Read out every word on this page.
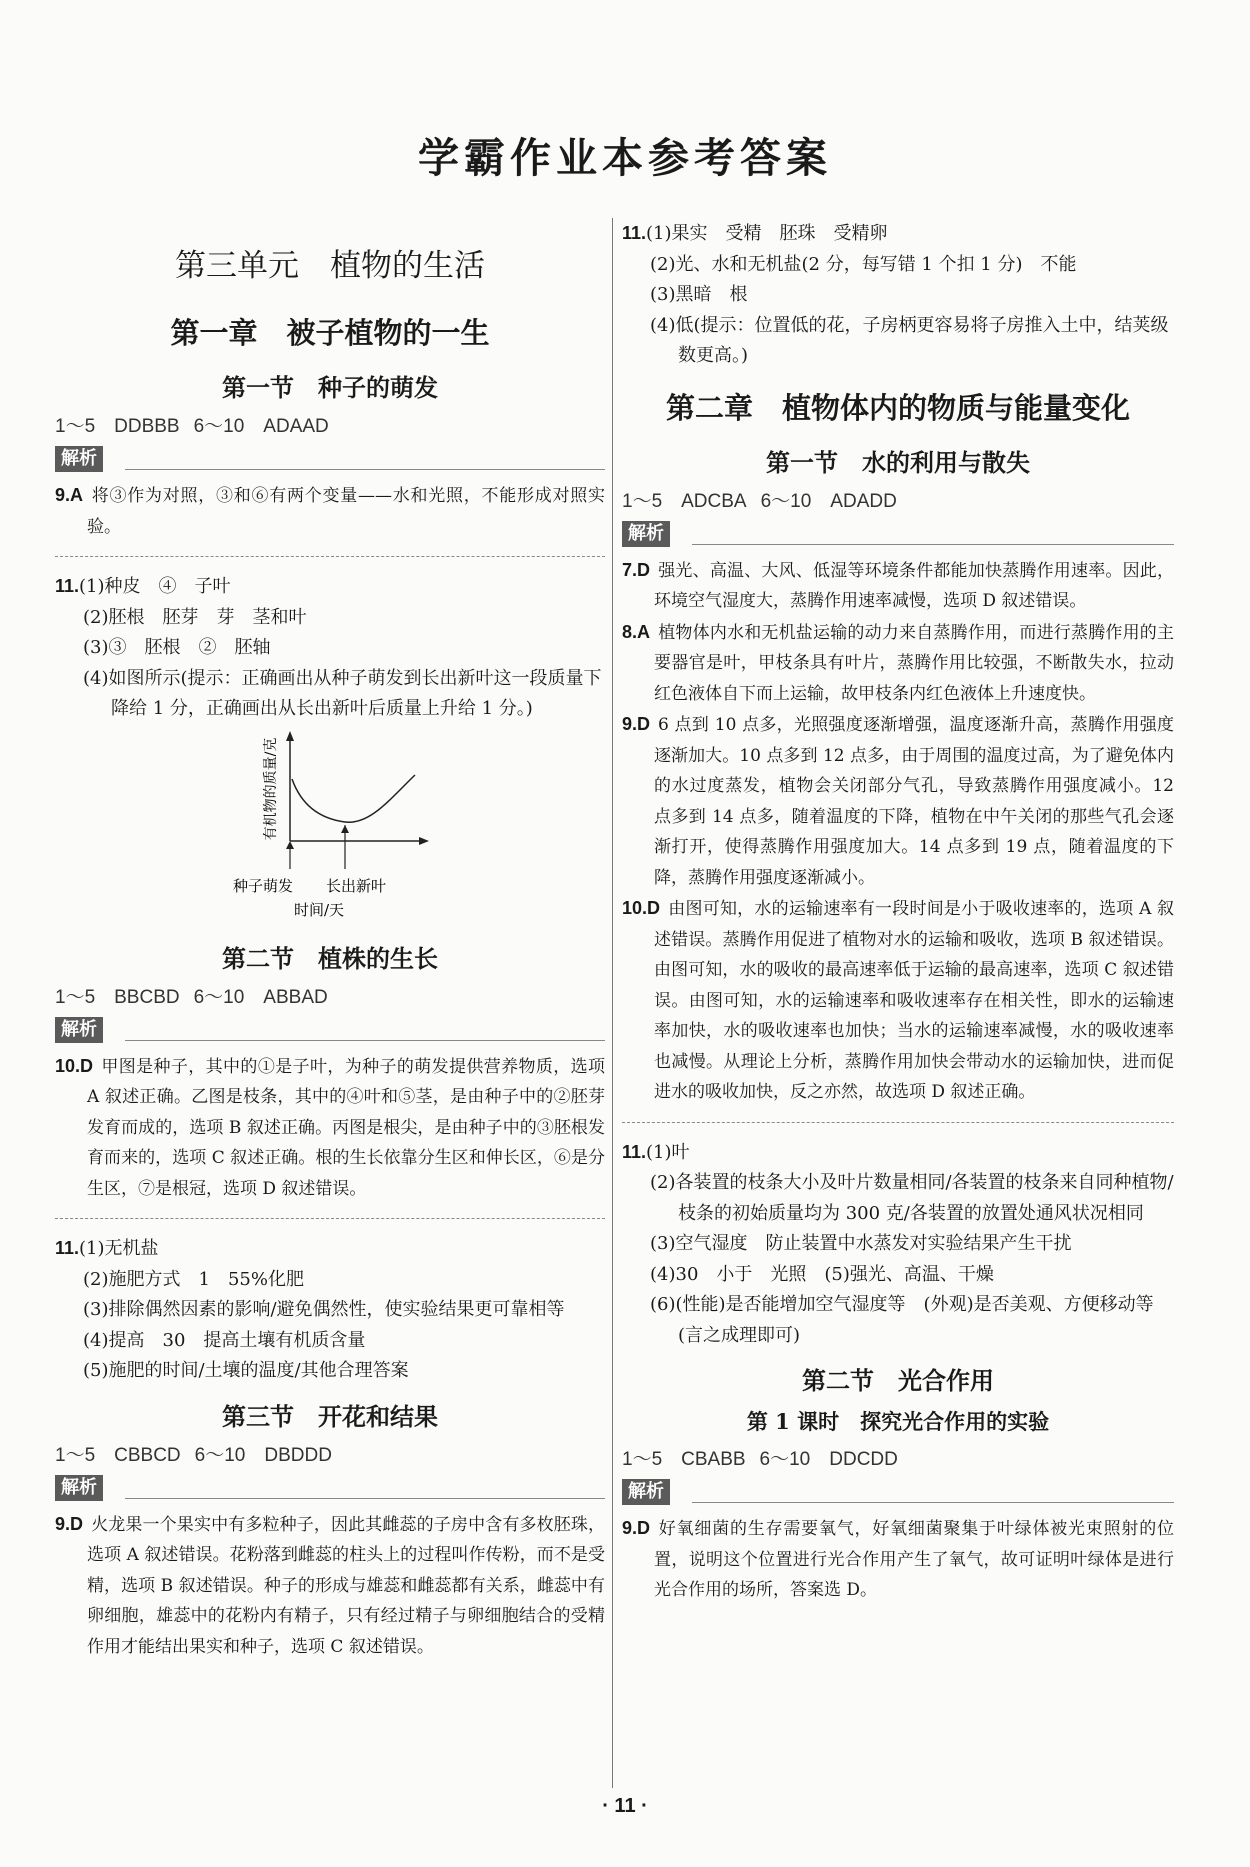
学霸作业本参考答案
第三单元　植物的生活
第一章　被子植物的一生
第一节　种子的萌发
1～5　DDBBB 6～10　ADAAD
解析

9.A 将③作为对照，③和⑥有两个变量——水和光照，不能形成对照实验。

11.(1)种皮　④　子叶
(2)胚根　胚芽　芽　茎和叶
(3)③　胚根　②　胚轴
(4)如图所示(提示：正确画出从种子萌发到长出新叶这一段质量下降给 1 分，正确画出从长出新叶后质量上升给 1 分。)
有机物的质量/克
种子萌发 长出新叶
时间/天
第二节　植株的生长
1～5　BBCBD 6～10　ABBAD
解析

10.D 甲图是种子，其中的①是子叶，为种子的萌发提供营养物质，选项 A 叙述正确。乙图是枝条，其中的④叶和⑤茎，是由种子中的②胚芽发育而成的，选项 B 叙述正确。丙图是根尖，是由种子中的③胚根发育而来的，选项 C 叙述正确。根的生长依靠分生区和伸长区，⑥是分生区，⑦是根冠，选项 D 叙述错误。

11.(1)无机盐
(2)施肥方式　1　55%化肥
(3)排除偶然因素的影响/避免偶然性，使实验结果更可靠相等
(4)提高　30　提高土壤有机质含量
(5)施肥的时间/土壤的温度/其他合理答案
第三节　开花和结果
1～5　CBBCD 6～10　DBDDD
解析

9.D 火龙果一个果实中有多粒种子，因此其雌蕊的子房中含有多枚胚珠，选项 A 叙述错误。花粉落到雌蕊的柱头上的过程叫作传粉，而不是受精，选项 B 叙述错误。种子的形成与雄蕊和雌蕊都有关系，雌蕊中有卵细胞，雄蕊中的花粉内有精子，只有经过精子与卵细胞结合的受精作用才能结出果实和种子，选项 C 叙述错误。

11.(1)果实　受精　胚珠　受精卵
(2)光、水和无机盐(2 分，每写错 1 个扣 1 分)　不能
(3)黑暗　根
(4)低(提示：位置低的花，子房柄更容易将子房推入土中，结荚级数更高。)
第二章　植物体内的物质与能量变化
第一节　水的利用与散失
1～5　ADCBA 6～10　ADADD
解析

7.D 强光、高温、大风、低湿等环境条件都能加快蒸腾作用速率。因此，环境空气湿度大，蒸腾作用速率减慢，选项 D 叙述错误。

8.A 植物体内水和无机盐运输的动力来自蒸腾作用，而进行蒸腾作用的主要器官是叶，甲枝条具有叶片，蒸腾作用比较强，不断散失水，拉动红色液体自下而上运输，故甲枝条内红色液体上升速度快。

9.D 6 点到 10 点多，光照强度逐渐增强，温度逐渐升高，蒸腾作用强度逐渐加大。10 点多到 12 点多，由于周围的温度过高，为了避免体内的水过度蒸发，植物会关闭部分气孔，导致蒸腾作用强度减小。12 点多到 14 点多，随着温度的下降，植物在中午关闭的那些气孔会逐渐打开，使得蒸腾作用强度加大。14 点多到 19 点，随着温度的下降，蒸腾作用强度逐渐减小。

10.D 由图可知，水的运输速率有一段时间是小于吸收速率的，选项 A 叙述错误。蒸腾作用促进了植物对水的运输和吸收，选项 B 叙述错误。由图可知，水的吸收的最高速率低于运输的最高速率，选项 C 叙述错误。由图可知，水的运输速率和吸收速率存在相关性，即水的运输速率加快，水的吸收速率也加快；当水的运输速率减慢，水的吸收速率也减慢。从理论上分析，蒸腾作用加快会带动水的运输加快，进而促进水的吸收加快，反之亦然，故选项 D 叙述正确。

11.(1)叶
(2)各装置的枝条大小及叶片数量相同/各装置的枝条来自同种植物/枝条的初始质量均为 300 克/各装置的放置处通风状况相同
(3)空气湿度　防止装置中水蒸发对实验结果产生干扰
(4)30　小于　光照　(5)强光、高温、干燥
(6)(性能)是否能增加空气湿度等　(外观)是否美观、方便移动等(言之成理即可)
第二节　光合作用
第 1 课时　探究光合作用的实验
1～5　CBABB 6～10　DDCDD
解析

9.D 好氧细菌的生存需要氧气，好氧细菌聚集于叶绿体被光束照射的位置，说明这个位置进行光合作用产生了氧气，故可证明叶绿体是进行光合作用的场所，答案选 D。

· 11 ·
